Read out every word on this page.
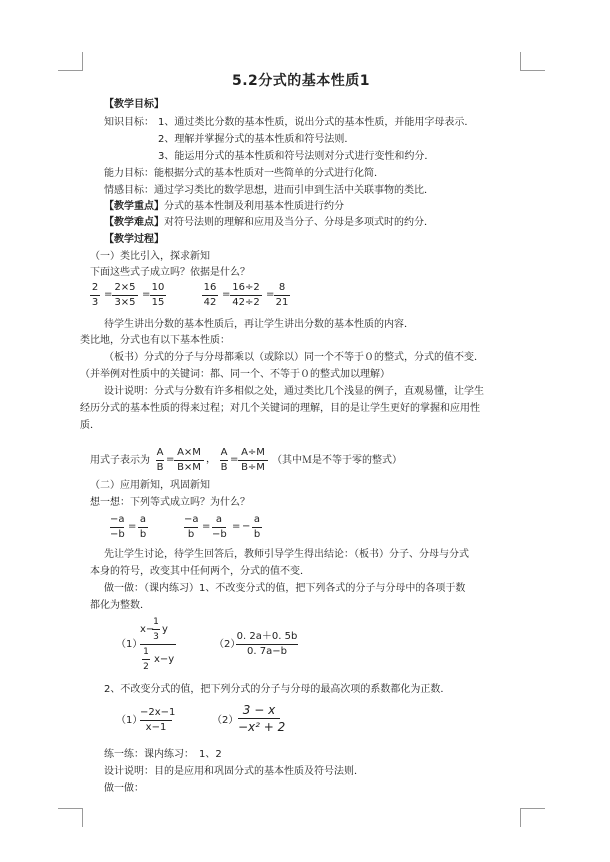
5.2分式的基本性质1
【教学目标】
知识目标： 1、通过类比分数的基本性质，说出分式的基本性质，并能用字母表示．
2、理解并掌握分式的基本性质和符号法则．
3、能运用分式的基本性质和符号法则对分式进行变性和约分．
能力目标：能根据分式的基本性质对一些简单的分式进行化简．
情感目标：通过学习类比的数学思想，进而引申到生活中关联事物的类比．
【教学重点】分式的基本性制及利用基本性质进行约分
【教学难点】对符号法则的理解和应用及当分子、分母是多项式时的约分．
【教学过程】
（一）类比引入，探求新知
下面这些式子成立吗？依据是什么？
2
3
=
2×5
3×5
=
10
15
16
42
=
16÷2
42÷2
=
8
21
待学生讲出分数的基本性质后，再让学生讲出分数的基本性质的内容．
类比地，分式也有以下基本性质：
（板书）分式的分子与分母都乘以（或除以）同一个不等于０的整式，分式的值不变．
（并举例对性质中的关键词：都、同一个、不等于０的整式加以理解）
设计说明：分式与分数有许多相似之处，通过类比几个浅显的例子，直观易懂，让学生
经历分式的基本性质的得来过程；对几个关键词的理解，目的是让学生更好的掌握和应用性
质．
用式子表示为
A
B
=
A×M
B×M
，
A
B
=
A÷M
B÷M
（其中Ｍ是不等于零的整式）
（二）应用新知，巩固新知
想一想：下列等式成立吗？为什么？
−a
−b
=
a
b
−a
b
=
a
−b
= −
a
b
先让学生讨论，待学生回答后，教师引导学生得出结论：（板书）分子、分母与分式
本身的符号，改变其中任何两个，分式的值不变．
做一做：（课内练习）1、不改变分式的值，把下列各式的分子与分母中的各项于数
都化为整数．
（1）
x−
1
3
y
1
2
x−y
（2）
0. 2a＋0. 5b
0. 7a−b
2、不改变分式的值，把下列分式的分子与分母的最高次项的系数都化为正数．
（1）
−2x−1
x−1
（2）
3 − x
−x² + 2
练一练：课内练习：　1、2
设计说明：目的是应用和巩固分式的基本性质及符号法则．
做一做：
